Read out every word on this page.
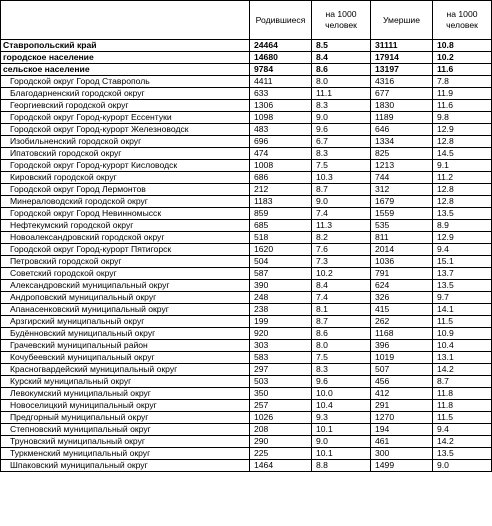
	Родившиеся	на 1000 человек	Умершие	на 1000 человек
Ставропольский край	24464	8.5	31111	10.8
городское население	14680	8.4	17914	10.2
сельское население	9784	8.6	13197	11.6
Городской округ Город Ставрополь	4411	8.0	4316	7.8
Благодарненский городской округ	633	11.1	677	11.9
Георгиевский городской округ	1306	8.3	1830	11.6
Городской округ Город-курорт Ессентуки	1098	9.0	1189	9.8
Городской округ Город-курорт Железноводск	483	9.6	646	12.9
Изобильненский городской округ	696	6.7	1334	12.8
Ипатовский городской округ	474	8.3	825	14.5
Городской округ Город-курорт Кисловодск	1008	7.5	1213	9.1
Кировский городской округ	686	10.3	744	11.2
Городской округ Город Лермонтов	212	8.7	312	12.8
Минераловодский городской округ	1183	9.0	1679	12.8
Городской округ Город Невинномысск	859	7.4	1559	13.5
Нефтекумский городской округ	685	11.3	535	8.9
Новоалександровский городской округ	518	8.2	811	12.9
Городской округ Город-курорт Пятигорск	1620	7.6	2014	9.4
Петровский городской округ	504	7.3	1036	15.1
Советский городской округ	587	10.2	791	13.7
Александровский муниципальный округ	390	8.4	624	13.5
Андроповский муниципальный округ	248	7.4	326	9.7
Апанасенковский муниципальный округ	238	8.1	415	14.1
Арзгирский муниципальный округ	199	8.7	262	11.5
Будённовский муниципальный округ	920	8.6	1168	10.9
Грачевский муниципальный район	303	8.0	396	10.4
Кочубеевский муниципальный округ	583	7.5	1019	13.1
Красногвардейский муниципальный округ	297	8.3	507	14.2
Курский муниципальный округ	503	9.6	456	8.7
Левокумский муниципальный округ	350	10.0	412	11.8
Новоселицкий муниципальный округ	257	10.4	291	11.8
Предгорный муниципальный округ	1026	9.3	1270	11.5
Степновский муниципальный округ	208	10.1	194	9.4
Труновский муниципальный округ	290	9.0	461	14.2
Туркменский муниципальный округ	225	10.1	300	13.5
Шпаковский муниципальный округ	1464	8.8	1499	9.0
